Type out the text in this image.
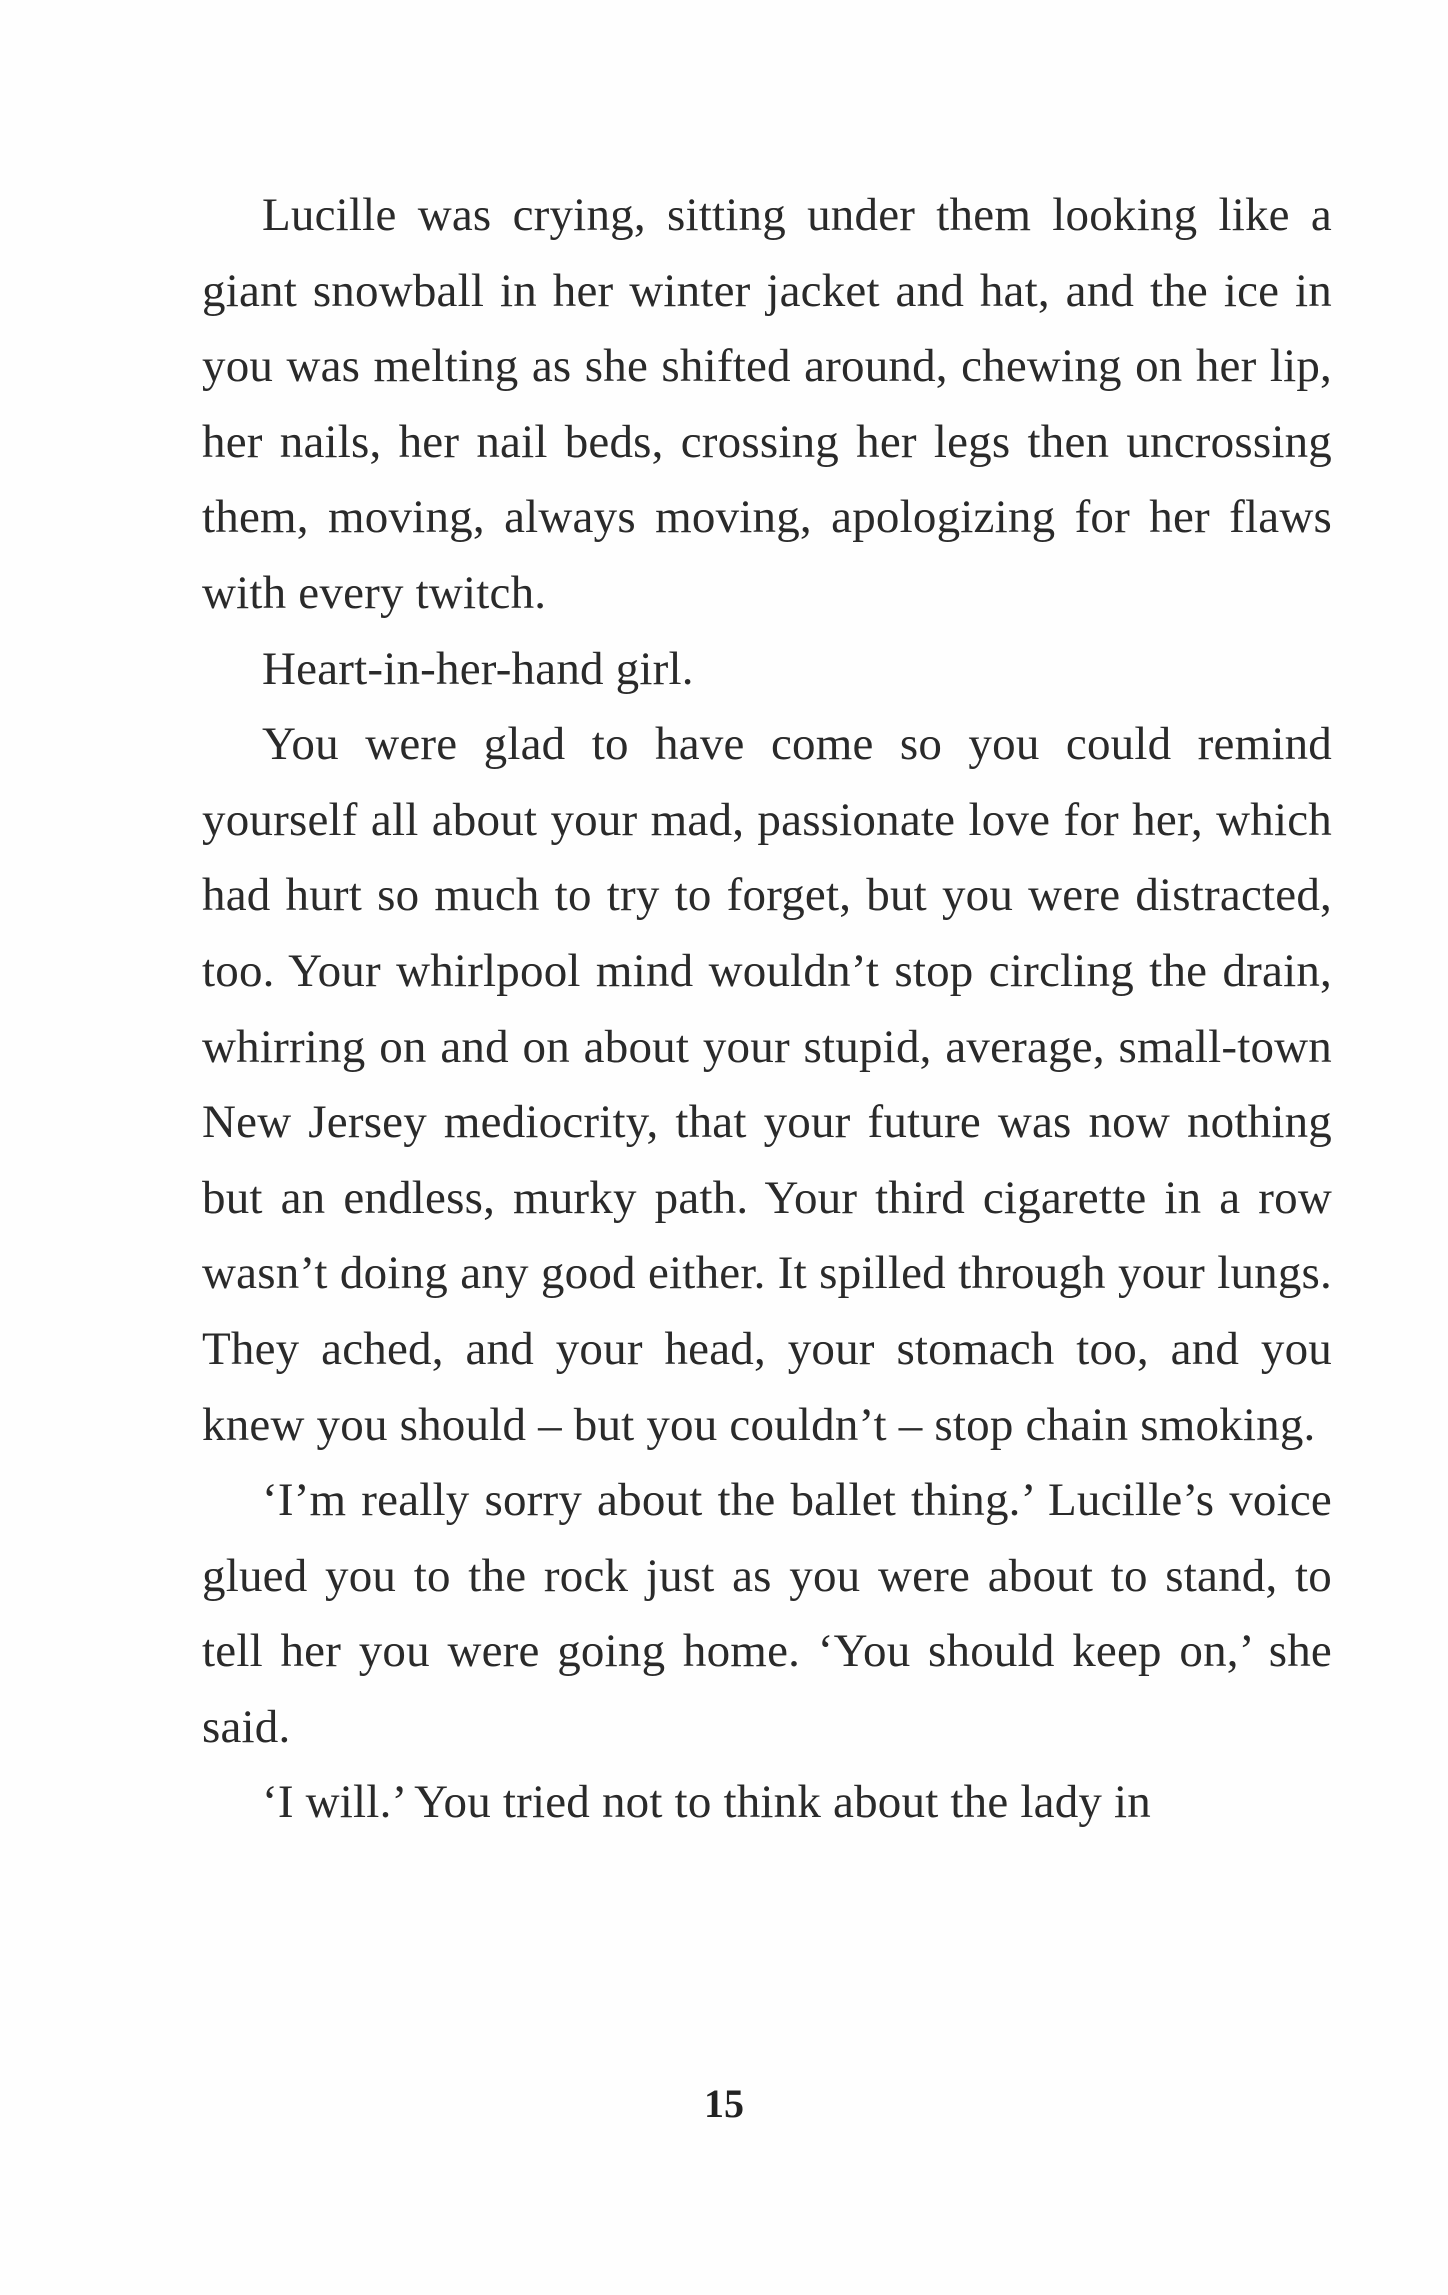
Lucille was crying, sitting under them looking like a giant snowball in her winter jacket and hat, and the ice in you was melting as she shifted around, chewing on her lip, her nails, her nail beds, crossing her legs then uncrossing them, moving, always moving, apologizing for her flaws with every twitch.

Heart-in-her-hand girl.

You were glad to have come so you could remind yourself all about your mad, passionate love for her, which had hurt so much to try to forget, but you were distracted, too. Your whirlpool mind wouldn’t stop circling the drain, whirring on and on about your stupid, average, small-town New Jersey mediocrity, that your future was now nothing but an endless, murky path. Your third cigarette in a row wasn’t doing any good either. It spilled through your lungs. They ached, and your head, your stomach too, and you knew you should – but you couldn’t – stop chain smoking.

‘I’m really sorry about the ballet thing.’ Lucille’s voice glued you to the rock just as you were about to stand, to tell her you were going home. ‘You should keep on,’ she said.

‘I will.’ You tried not to think about the lady in

15
